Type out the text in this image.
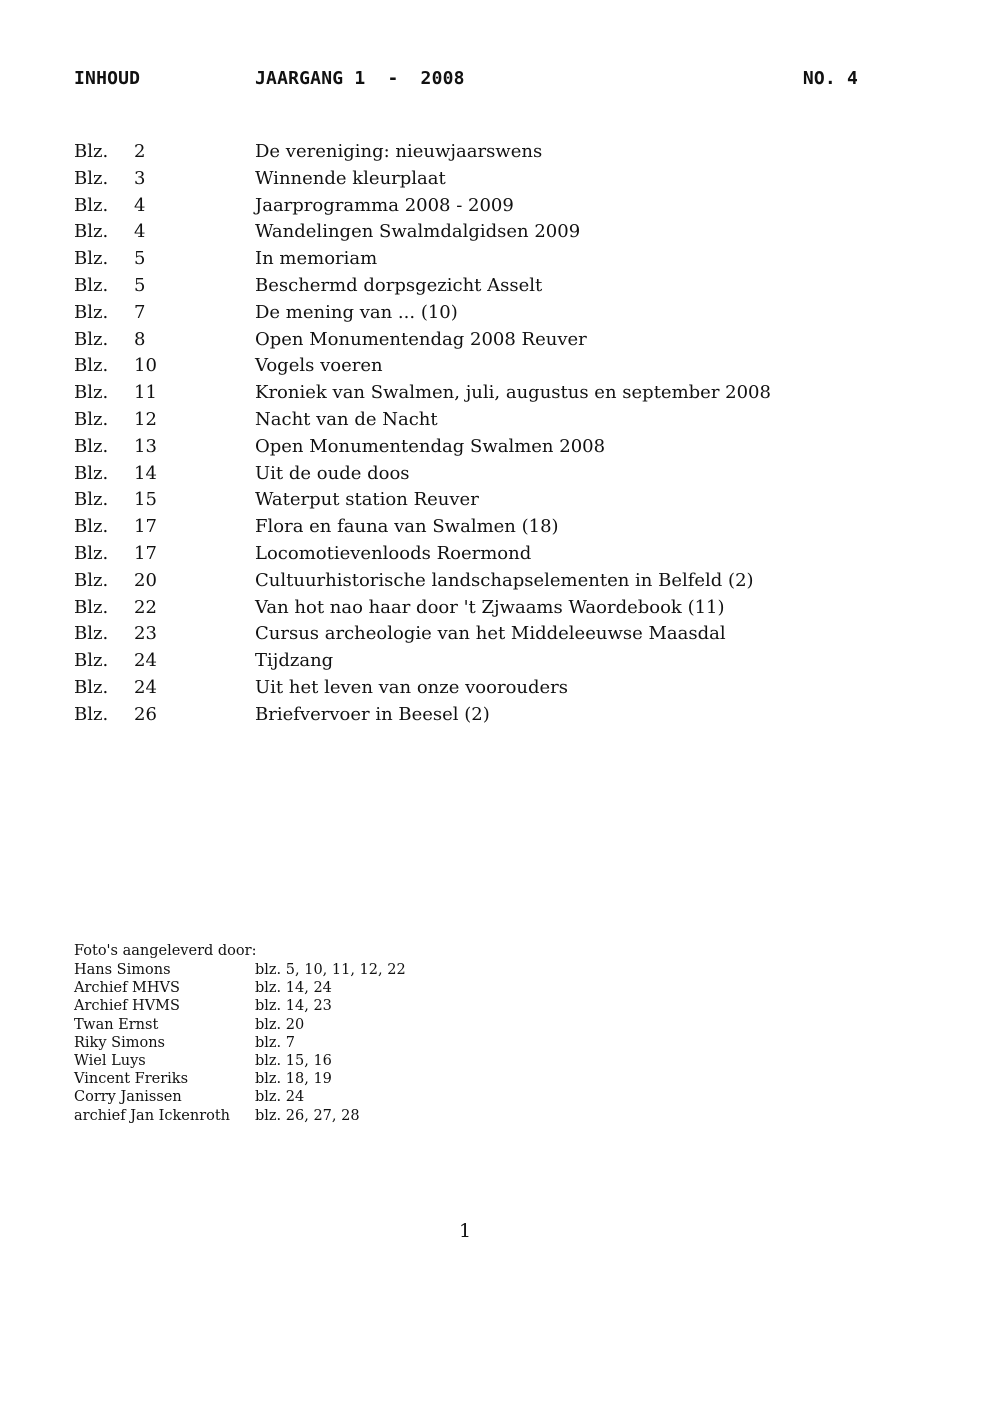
INHOUD	JAARGANG 1  -  2008	NO. 4
Blz. 2	De vereniging: nieuwjaarswens
Blz. 3	Winnende kleurplaat
Blz. 4	Jaarprogramma 2008 - 2009
Blz. 4	Wandelingen Swalmdalgidsen 2009
Blz. 5	In memoriam
Blz. 5	Beschermd dorpsgezicht Asselt
Blz. 7	De mening van ... (10)
Blz. 8	Open Monumentendag 2008 Reuver
Blz. 10	Vogels voeren
Blz. 11	Kroniek van Swalmen, juli, augustus en september 2008
Blz. 12	Nacht van de Nacht
Blz. 13	Open Monumentendag Swalmen 2008
Blz. 14	Uit de oude doos
Blz. 15	Waterput station Reuver
Blz. 17	Flora en fauna van Swalmen (18)
Blz. 17	Locomotievenloods Roermond
Blz. 20	Cultuurhistorische landschapselementen in Belfeld (2)
Blz. 22	Van hot nao haar door 't Zjwaams Waordebook (11)
Blz. 23	Cursus archeologie van het Middeleeuwse Maasdal
Blz. 24	Tijdzang
Blz. 24	Uit het leven van onze voorouders
Blz. 26	Briefvervoer in Beesel (2)
Foto's aangeleverd door:
Hans Simons	blz. 5, 10, 11, 12, 22
Archief MHVS	blz. 14, 24
Archief HVMS	blz. 14, 23
Twan Ernst	blz. 20
Riky Simons	blz. 7
Wiel Luys	blz. 15, 16
Vincent Freriks	blz. 18, 19
Corry Janissen	blz. 24
archief Jan Ickenroth blz. 26, 27, 28
1
